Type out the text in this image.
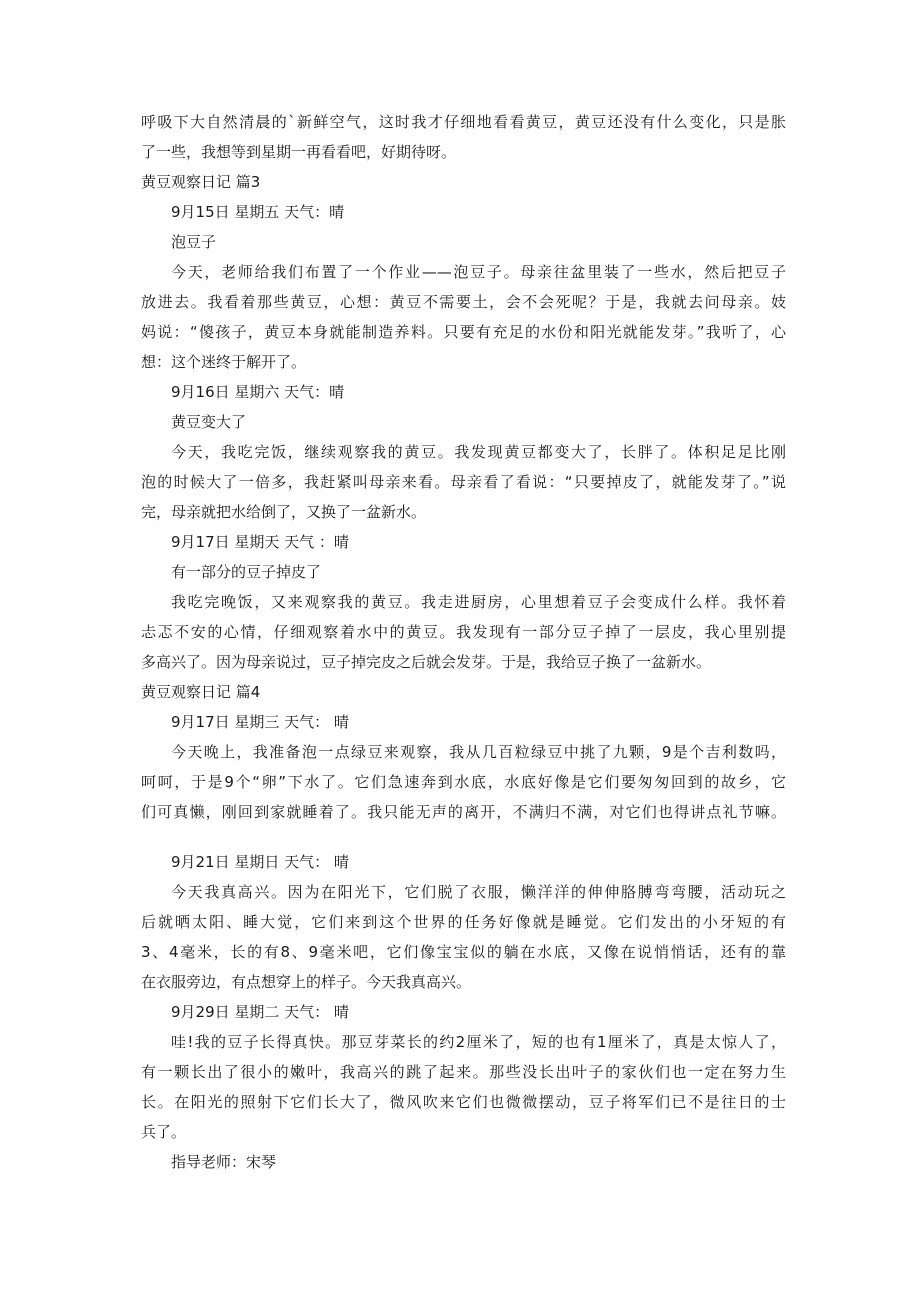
呼吸下大自然清晨的`新鲜空气，这时我才仔细地看看黄豆，黄豆还没有什么变化，只是胀
了一些，我想等到星期一再看看吧，好期待呀。
黄豆观察日记 篇3
9月15日 星期五 天气：晴
泡豆子
今天，老师给我们布置了一个作业——泡豆子。母亲往盆里装了一些水，然后把豆子
放进去。我看着那些黄豆，心想：黄豆不需要土，会不会死呢？于是，我就去问母亲。妓
妈说：“傻孩子，黄豆本身就能制造养料。只要有充足的水份和阳光就能发芽。”我听了，心
想：这个迷终于解开了。
9月16日 星期六 天气：晴
黄豆变大了
今天，我吃完饭，继续观察我的黄豆。我发现黄豆都变大了，长胖了。体积足足比刚
泡的时候大了一倍多，我赶紧叫母亲来看。母亲看了看说：“只要掉皮了，就能发芽了。”说
完，母亲就把水给倒了，又换了一盆新水。
9月17日 星期天 天气 ：晴
有一部分的豆子掉皮了
我吃完晚饭，又来观察我的黄豆。我走进厨房，心里想着豆子会变成什么样。我怀着
忐忑不安的心情，仔细观察着水中的黄豆。我发现有一部分豆子掉了一层皮，我心里别提
多高兴了。因为母亲说过，豆子掉完皮之后就会发芽。于是，我给豆子换了一盆新水。
黄豆观察日记 篇4
9月17日 星期三 天气： 晴
今天晚上，我准备泡一点绿豆来观察，我从几百粒绿豆中挑了九颗，9是个吉利数吗，
呵呵，于是9个“卵”下水了。它们急速奔到水底，水底好像是它们要匆匆回到的故乡，它
们可真懒，刚回到家就睡着了。我只能无声的离开，不满归不满，对它们也得讲点礼节嘛。
9月21日 星期日 天气： 晴
今天我真高兴。因为在阳光下，它们脱了衣服，懒洋洋的伸伸胳膊弯弯腰，活动玩之
后就晒太阳、睡大觉，它们来到这个世界的任务好像就是睡觉。它们发出的小牙短的有
3、4毫米，长的有8、9毫米吧，它们像宝宝似的躺在水底，又像在说悄悄话，还有的靠
在衣服旁边，有点想穿上的样子。今天我真高兴。
9月29日 星期二 天气： 晴
哇!我的豆子长得真快。那豆芽菜长的约2厘米了，短的也有1厘米了，真是太惊人了，
有一颗长出了很小的嫩叶，我高兴的跳了起来。那些没长出叶子的家伙们也一定在努力生
长。在阳光的照射下它们长大了，微风吹来它们也微微摆动，豆子将军们已不是往日的士
兵了。
指导老师：宋琴
